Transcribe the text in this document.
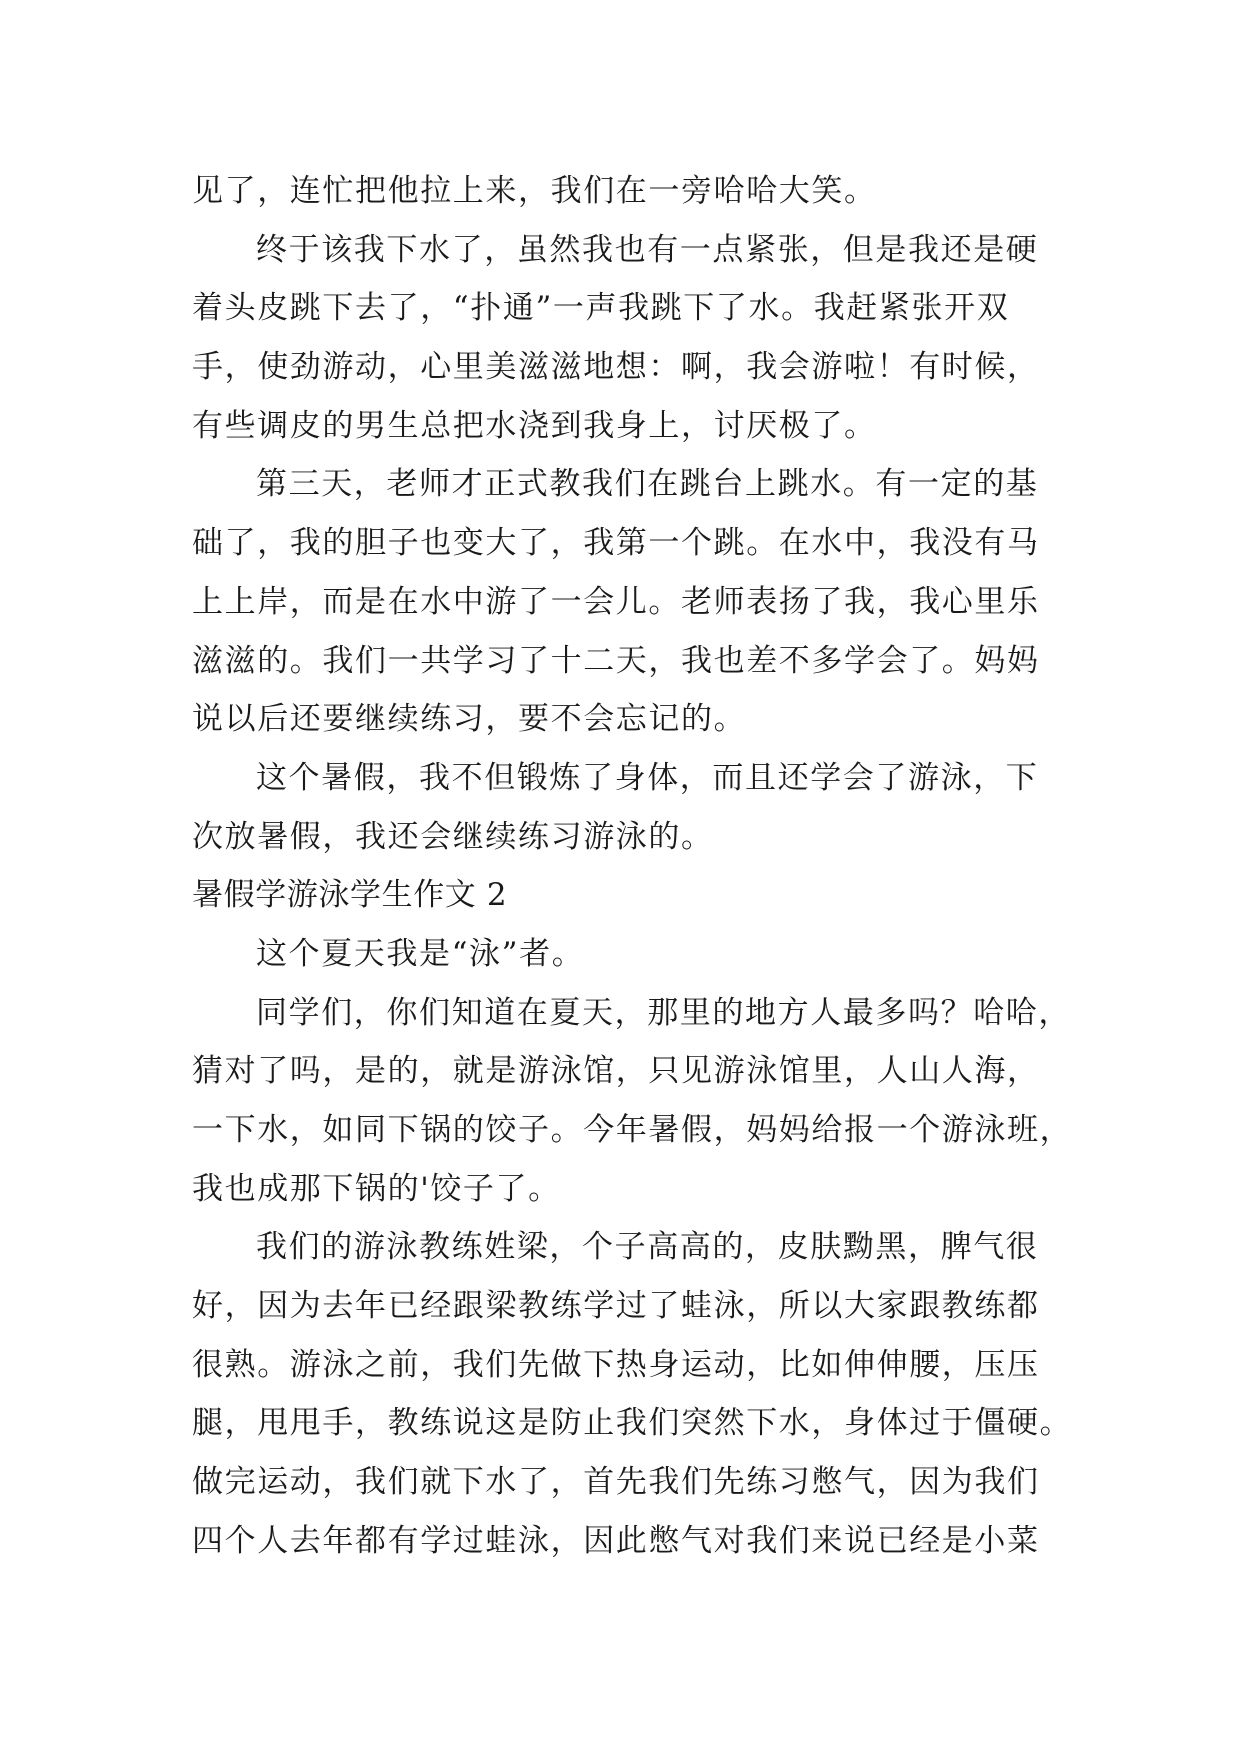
见了，连忙把他拉上来，我们在一旁哈哈大笑。
终于该我下水了，虽然我也有一点紧张，但是我还是硬
着头皮跳下去了，“扑通”一声我跳下了水。我赶紧张开双
手，使劲游动，心里美滋滋地想：啊，我会游啦！有时候，
有些调皮的男生总把水浇到我身上，讨厌极了。
第三天，老师才正式教我们在跳台上跳水。有一定的基
础了，我的胆子也变大了，我第一个跳。在水中，我没有马
上上岸，而是在水中游了一会儿。老师表扬了我，我心里乐
滋滋的。我们一共学习了十二天，我也差不多学会了。妈妈
说以后还要继续练习，要不会忘记的。
这个暑假，我不但锻炼了身体，而且还学会了游泳，下
次放暑假，我还会继续练习游泳的。
暑假学游泳学生作文 2
这个夏天我是“泳”者。
同学们，你们知道在夏天，那里的地方人最多吗？哈哈，
猜对了吗，是的，就是游泳馆，只见游泳馆里，人山人海，
一下水，如同下锅的饺子。今年暑假，妈妈给报一个游泳班，
我也成那下锅的'饺子了。
我们的游泳教练姓梁，个子高高的，皮肤黝黑，脾气很
好，因为去年已经跟梁教练学过了蛙泳，所以大家跟教练都
很熟。游泳之前，我们先做下热身运动，比如伸伸腰，压压
腿，甩甩手，教练说这是防止我们突然下水，身体过于僵硬。
做完运动，我们就下水了，首先我们先练习憋气，因为我们
四个人去年都有学过蛙泳，因此憋气对我们来说已经是小菜
